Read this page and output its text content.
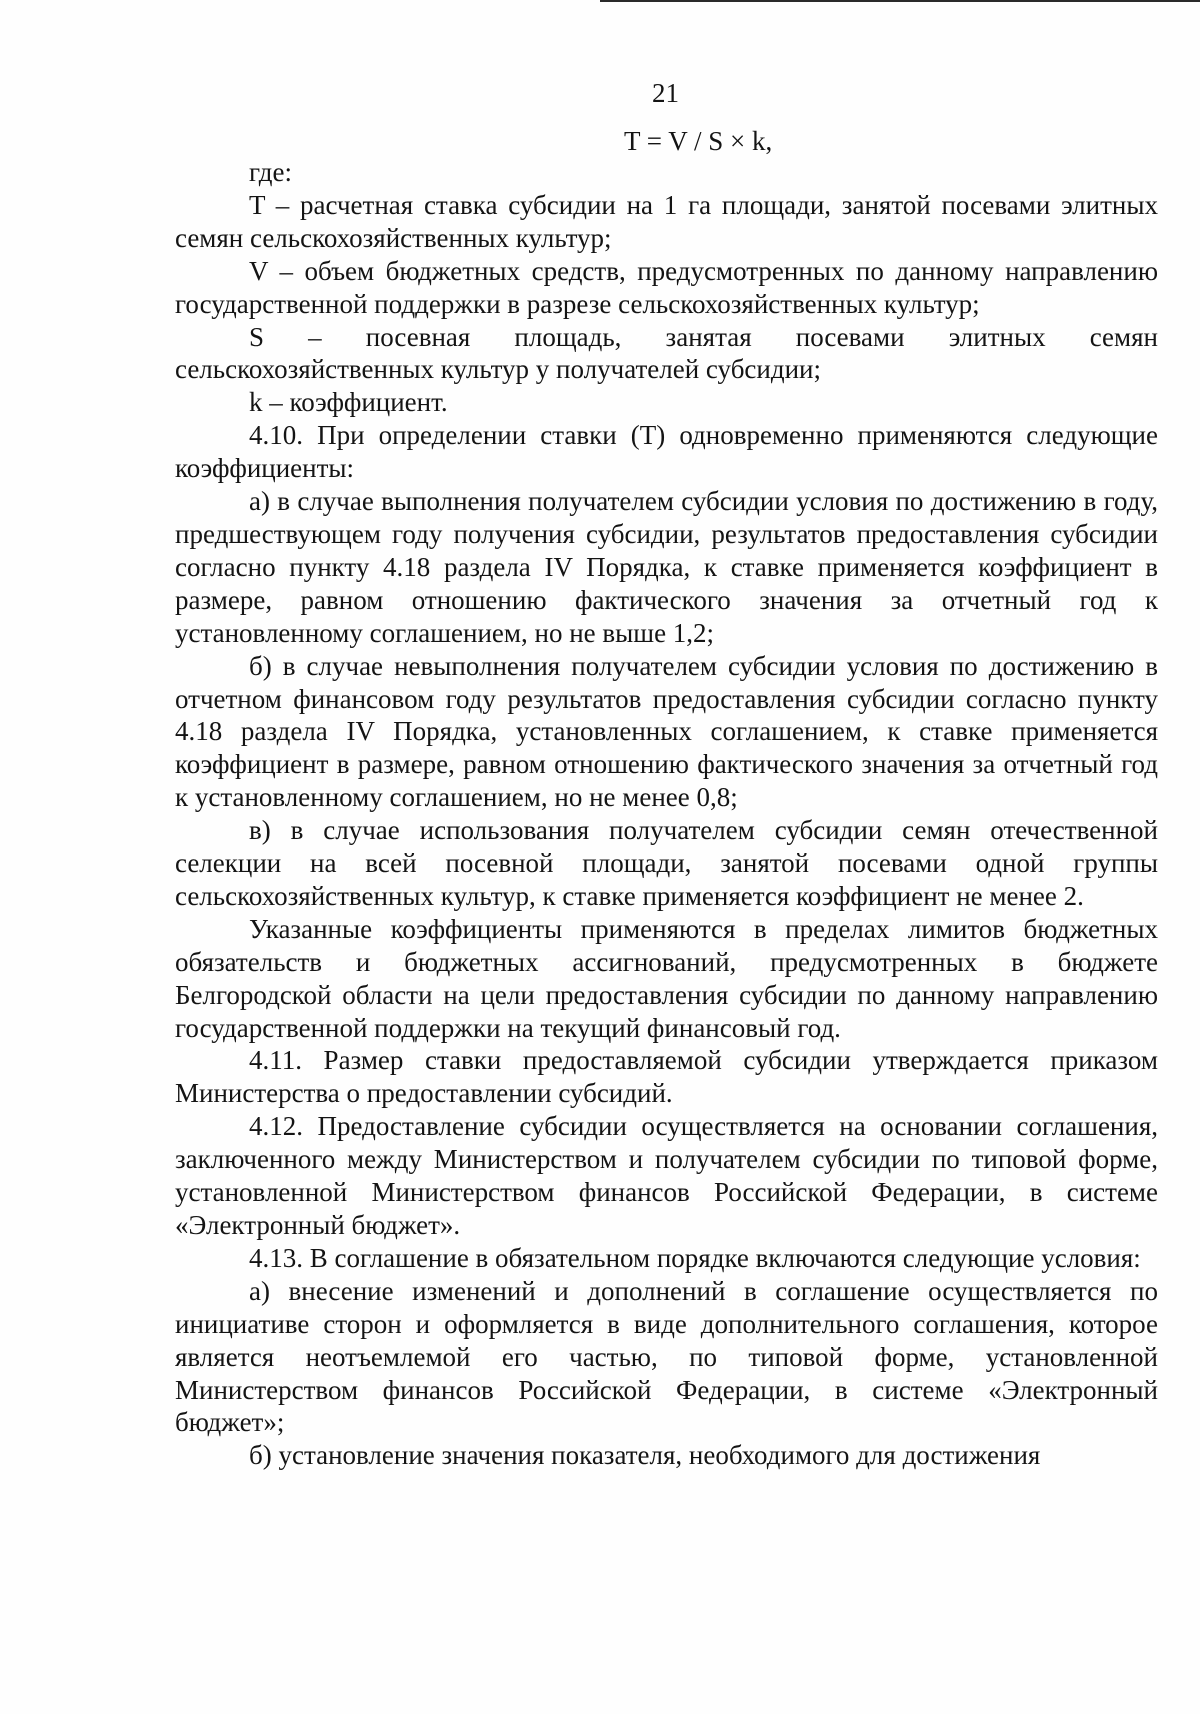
21
T = V / S × k,

где:

T – расчетная ставка субсидии на 1 га площади, занятой посевами элитных семян сельскохозяйственных культур;

V – объем бюджетных средств, предусмотренных по данному направлению государственной поддержки в разрезе сельскохозяйственных культур;

S – посевная площадь, занятая посевами элитных семян сельскохозяйственных культур у получателей субсидии;

k – коэффициент.

4.10. При определении ставки (T) одновременно применяются следующие коэффициенты:

а) в случае выполнения получателем субсидии условия по достижению в году, предшествующем году получения субсидии, результатов предоставления субсидии согласно пункту 4.18 раздела IV Порядка, к ставке применяется коэффициент в размере, равном отношению фактического значения за отчетный год к установленному соглашением, но не выше 1,2;

б) в случае невыполнения получателем субсидии условия по достижению в отчетном финансовом году результатов предоставления субсидии согласно пункту 4.18 раздела IV Порядка, установленных соглашением, к ставке применяется коэффициент в размере, равном отношению фактического значения за отчетный год к установленному соглашением, но не менее 0,8;

в) в случае использования получателем субсидии семян отечественной селекции на всей посевной площади, занятой посевами одной группы сельскохозяйственных культур, к ставке применяется коэффициент не менее 2.

Указанные коэффициенты применяются в пределах лимитов бюджетных обязательств и бюджетных ассигнований, предусмотренных в бюджете Белгородской области на цели предоставления субсидии по данному направлению государственной поддержки на текущий финансовый год.

4.11. Размер ставки предоставляемой субсидии утверждается приказом Министерства о предоставлении субсидий.

4.12. Предоставление субсидии осуществляется на основании соглашения, заключенного между Министерством и получателем субсидии по типовой форме, установленной Министерством финансов Российской Федерации, в системе «Электронный бюджет».

4.13. В соглашение в обязательном порядке включаются следующие условия:

а) внесение изменений и дополнений в соглашение осуществляется по инициативе сторон и оформляется в виде дополнительного соглашения, которое является неотъемлемой его частью, по типовой форме, установленной Министерством финансов Российской Федерации, в системе «Электронный бюджет»;

б) установление значения показателя, необходимого для достижения
